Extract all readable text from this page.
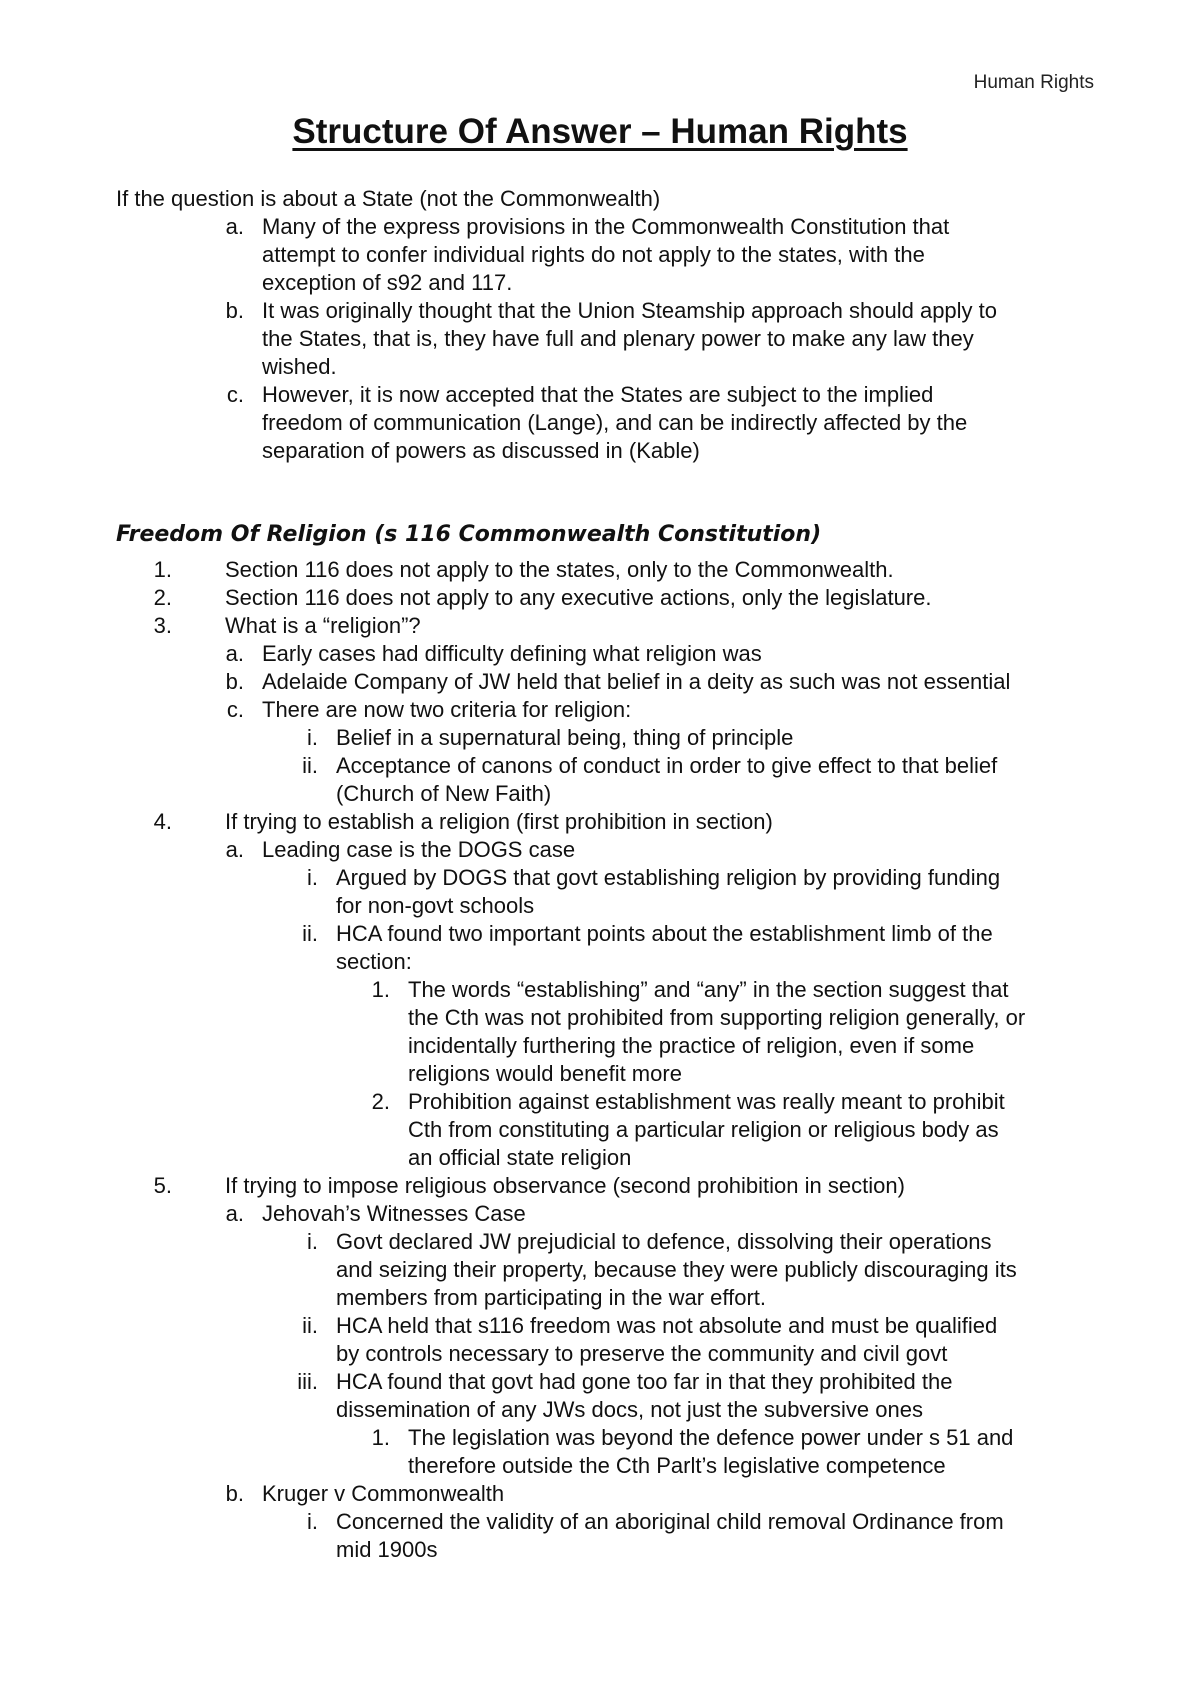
Human Rights
Structure Of Answer – Human Rights
If the question is about a State (not the Commonwealth)
a. Many of the express provisions in the Commonwealth Constitution that
attempt to confer individual rights do not apply to the states, with the
exception of s92 and 117.
b. It was originally thought that the Union Steamship approach should apply to
the States, that is, they have full and plenary power to make any law they
wished.
c. However, it is now accepted that the States are subject to the implied
freedom of communication (Lange), and can be indirectly affected by the
separation of powers as discussed in (Kable)
Freedom Of Religion (s 116 Commonwealth Constitution)
1. Section 116 does not apply to the states, only to the Commonwealth.
2. Section 116 does not apply to any executive actions, only the legislature.
3. What is a “religion”?
a. Early cases had difficulty defining what religion was
b. Adelaide Company of JW held that belief in a deity as such was not essential
c. There are now two criteria for religion:
i. Belief in a supernatural being, thing of principle
ii. Acceptance of canons of conduct in order to give effect to that belief
(Church of New Faith)
4. If trying to establish a religion (first prohibition in section)
a. Leading case is the DOGS case
i. Argued by DOGS that govt establishing religion by providing funding
for non-govt schools
ii. HCA found two important points about the establishment limb of the
section:
1. The words “establishing” and “any” in the section suggest that
the Cth was not prohibited from supporting religion generally, or
incidentally furthering the practice of religion, even if some
religions would benefit more
2. Prohibition against establishment was really meant to prohibit
Cth from constituting a particular religion or religious body as
an official state religion
5. If trying to impose religious observance (second prohibition in section)
a. Jehovah’s Witnesses Case
i. Govt declared JW prejudicial to defence, dissolving their operations
and seizing their property, because they were publicly discouraging its
members from participating in the war effort.
ii. HCA held that s116 freedom was not absolute and must be qualified
by controls necessary to preserve the community and civil govt
iii. HCA found that govt had gone too far in that they prohibited the
dissemination of any JWs docs, not just the subversive ones
1. The legislation was beyond the defence power under s 51 and
therefore outside the Cth Parlt’s legislative competence
b. Kruger v Commonwealth
i. Concerned the validity of an aboriginal child removal Ordinance from
mid 1900s
